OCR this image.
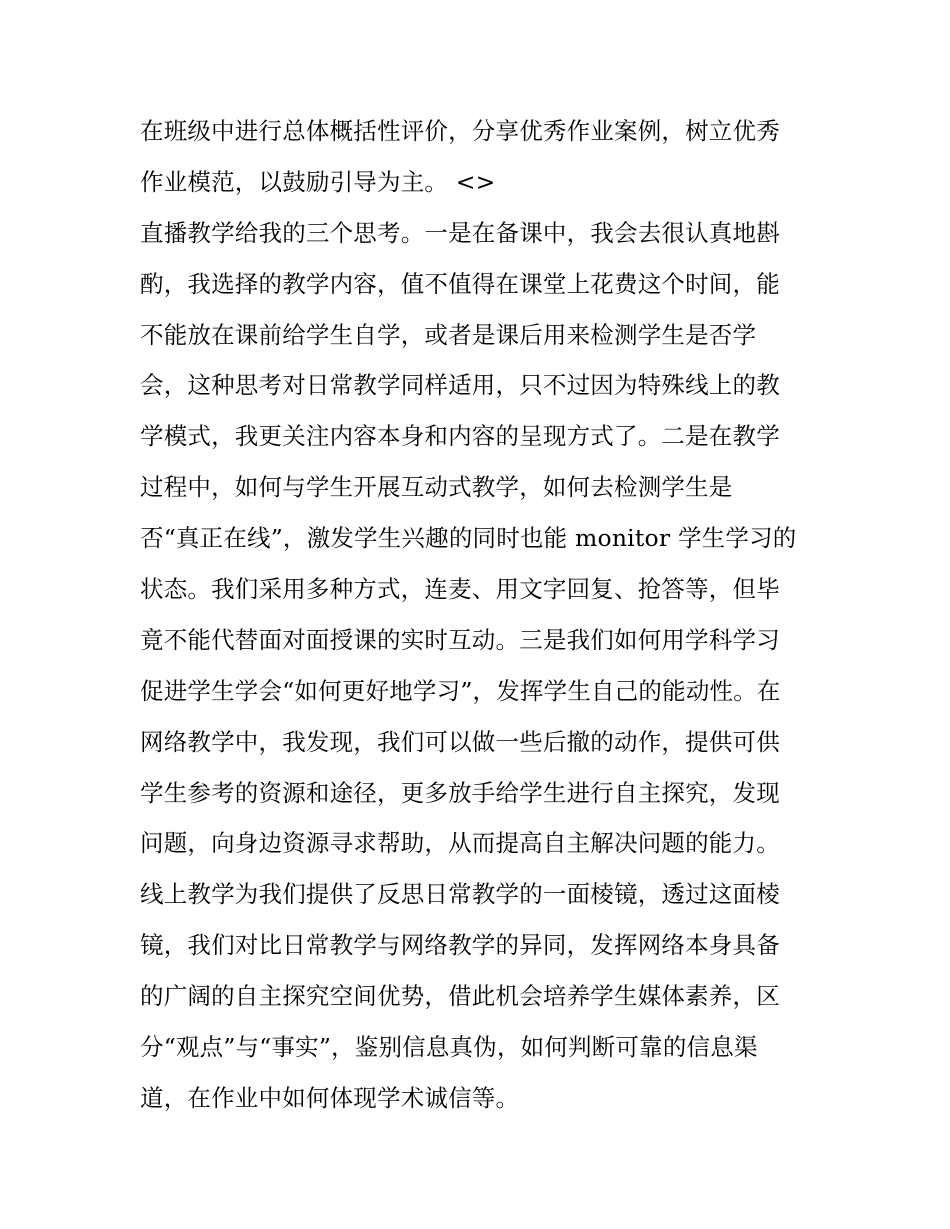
在班级中进行总体概括性评价，分享优秀作业案例，树立优秀
作业模范，以鼓励引导为主。 <>
直播教学给我的三个思考。一是在备课中，我会去很认真地斟
酌，我选择的教学内容，值不值得在课堂上花费这个时间，能
不能放在课前给学生自学，或者是课后用来检测学生是否学
会，这种思考对日常教学同样适用，只不过因为特殊线上的教
学模式，我更关注内容本身和内容的呈现方式了。二是在教学
过程中，如何与学生开展互动式教学，如何去检测学生是
否“真正在线”，激发学生兴趣的同时也能 monitor 学生学习的
状态。我们采用多种方式，连麦、用文字回复、抢答等，但毕
竟不能代替面对面授课的实时互动。三是我们如何用学科学习
促进学生学会“如何更好地学习”，发挥学生自己的能动性。在
网络教学中，我发现，我们可以做一些后撤的动作，提供可供
学生参考的资源和途径，更多放手给学生进行自主探究，发现
问题，向身边资源寻求帮助，从而提高自主解决问题的能力。
线上教学为我们提供了反思日常教学的一面棱镜，透过这面棱
镜，我们对比日常教学与网络教学的异同，发挥网络本身具备
的广阔的自主探究空间优势，借此机会培养学生媒体素养，区
分“观点”与“事实”，鉴别信息真伪，如何判断可靠的信息渠
道，在作业中如何体现学术诚信等。
